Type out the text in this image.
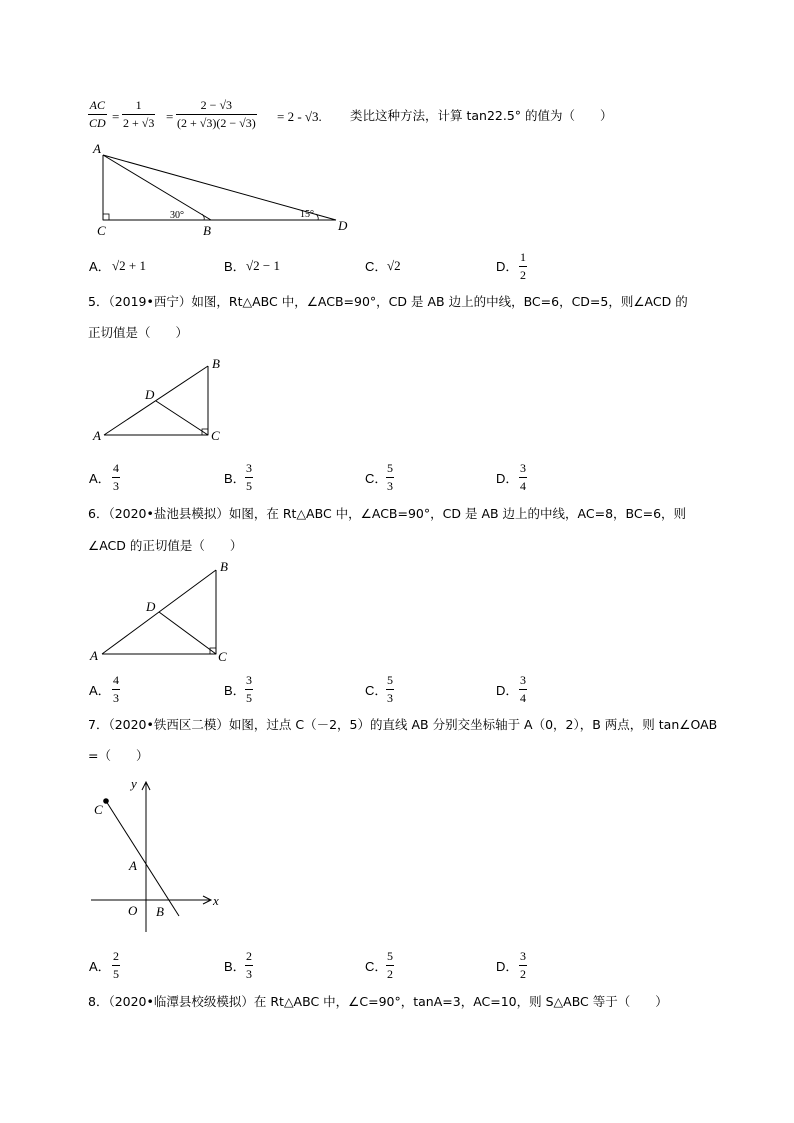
$\frac{AC}{CD} = \frac{1}{2 + √3} = \frac{2 - √3}{(2 + √3)(2 - √3)} = 2 - √3$. 类比这种方法，计算 tan22.5° 的值为（　　）
A
C	B	D
30°	15°
A． √2 + 1	B． √2 − 1	C． √2	D． $\frac{1}{2}$
5．（2019•西宁）如图，Rt△ABC 中，∠ACB=90°，CD 是 AB 边上的中线，BC=6，CD=5，则∠ACD 的
正切值是（　　）
A
B
C
D
A． $\frac{4}{3}$	B． $\frac{3}{5}$	C．
$\frac{5}{3}$	D． $\frac{3}{4}$
6．（2020•盐池县模拟）如图，在 Rt△ABC 中，∠ACB=90°，CD 是 AB 边上的中线，AC=8，BC=6，则
∠ACD 的正切值是（　　）
A
B
C
D
A． $\frac{4}{3}$	B． $\frac{3}{5}$	C．
$\frac{5}{3}$	D． $\frac{3}{4}$
7．（2020•铁西区二模）如图，过点 C（－2，5）的直线 AB 分别交坐标轴于 A（0，2），B 两点，则 tan∠OAB
=（　　）
y
x
C
A
O B
A． $\frac{2}{5}$	B． $\frac{2}{3}$	C．
$\frac{5}{2}$	D． $\frac{3}{2}$
8．（2020•临潭县校级模拟）在 Rt△ABC 中，∠C=90°，tanA=3，AC=10，则 S△ABC 等于（　　）
